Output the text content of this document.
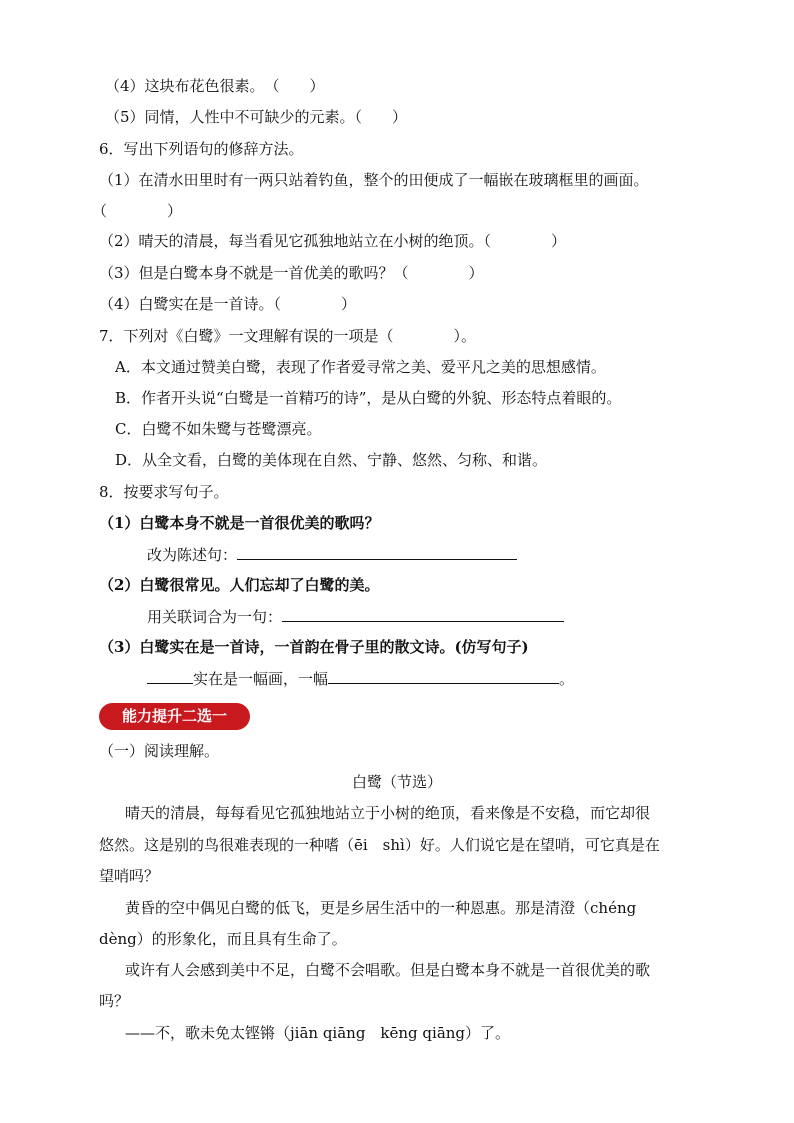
（4）这块布花色很素。　（　　）
（5）同情，人性中不可缺少的元素。（　　）
6．写出下列语句的修辞方法。
（1）在清水田里时有一两只站着钓鱼，整个的田便成了一幅嵌在玻璃框里的画面。
（　　　　）
（2）晴天的清晨，每当看见它孤独地站立在小树的绝顶。（　　　　）
（3）但是白鹭本身不就是一首优美的歌吗？（　　　　）
（4）白鹭实在是一首诗。（　　　　）
7．下列对《白鹭》一文理解有误的一项是（　　　　）。
A．本文通过赞美白鹭，表现了作者爱寻常之美、爱平凡之美的思想感情。
B．作者开头说“白鹭是一首精巧的诗”，是从白鹭的外貌、形态特点着眼的。
C．白鹭不如朱鹭与苍鹭漂亮。
D．从全文看，白鹭的美体现在自然、宁静、悠然、匀称、和谐。
8．按要求写句子。
（1）白鹭本身不就是一首很优美的歌吗？
改为陈述句：
（2）白鹭很常见。人们忘却了白鹭的美。
用关联词合为一句：
（3）白鹭实在是一首诗，一首韵在骨子里的散文诗。(仿写句子)
实在是一幅画，一幅	。
能力提升二选一
（一）阅读理解。
白鹭（节选）
晴天的清晨，每每看见它孤独地站立于小树的绝顶，看来像是不安稳，而它却很
悠然。这是别的鸟很难表现的一种嗜（ēi　shì）好。人们说它是在望哨，可它真是在
望哨吗？
黄昏的空中偶见白鹭的低飞，更是乡居生活中的一种恩惠。那是清澄（chéng
dèng）的形象化，而且具有生命了。
或许有人会感到美中不足，白鹭不会唱歌。但是白鹭本身不就是一首很优美的歌
吗？
——不，歌未免太铿锵（jiān qiāng　kēng qiāng）了。
